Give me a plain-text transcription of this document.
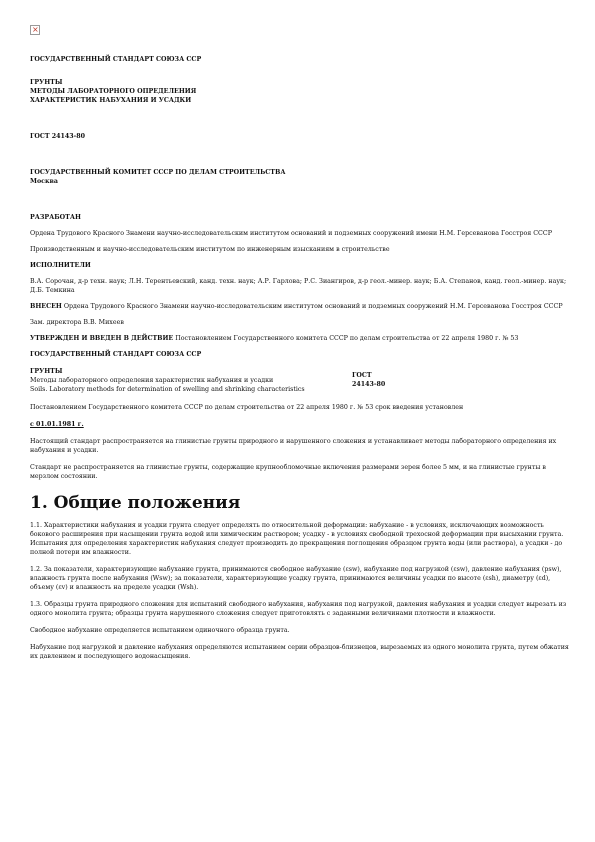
×

ГОСУДАРСТВЕННЫЙ СТАНДАРТ СОЮЗА ССР

ГРУНТЫ

МЕТОДЫ ЛАБОРАТОРНОГО ОПРЕДЕЛЕНИЯ

ХАРАКТЕРИСТИК НАБУХАНИЯ И УСАДКИ

ГОСТ 24143-80

ГОСУДАРСТВЕННЫЙ КОМИТЕТ СССР ПО ДЕЛАМ СТРОИТЕЛЬСТВА

Москва

РАЗРАБОТАН

Ордена Трудового Красного Знамени научно-исследовательским институтом оснований и подземных сооружений имени Н.М. Герсеванова Госстроя СССР

Производственным и научно-исследовательским институтом по инженерным изысканиям в строительстве

ИСПОЛНИТЕЛИ

В.А. Сорочан, д-р техн. наук; Л.Н. Терентьевский, канд. техн. наук; А.Р. Гарлова; Р.С. Зиангиров, д-р геол.-минер. наук; Б.А. Степанов, канд. геол.-минер. наук; Д.Б. Темкина

ВНЕСЕН Ордена Трудового Красного Знамени научно-исследовательским институтом оснований и подземных сооружений Н.М. Герсеванова Госстроя СССР

Зам. директора В.В. Михеев

УТВЕРЖДЕН И ВВЕДЕН В ДЕЙСТВИЕ Постановлением Государственного комитета СССР по делам строительства от 22 апреля 1980 г. № 53

ГОСУДАРСТВЕННЫЙ СТАНДАРТ СОЮЗА ССР

ГРУНТЫ

Методы лабораторного определения характеристик набухания и усадки

Soils. Laboratory methods for determination of swelling and shrinking characteristics

ГОСТ

24143-80

Постановлением Государственного комитета СССР по делам строительства от 22 апреля 1980 г. № 53 срок введения установлен

с 01.01.1981 г.

Настоящий стандарт распространяется на глинистые грунты природного и нарушенного сложения и устанавливает методы лабораторного определения их набухания и усадки.

Стандарт не распространяется на глинистые грунты, содержащие крупнообломочные включения размерами зерен более 5 мм, и на глинистые грунты в мерзлом состоянии.

1. Общие положения

1.1. Характеристики набухания и усадки грунта следует определять по относительной деформации: набухание - в условиях, исключающих возможность бокового расширения при насыщении грунта водой или химическим раствором; усадку - в условиях свободной трехосной деформации при высыхании грунта. Испытания для определения характеристик набухания следует производить до прекращения поглощения образцом грунта воды (или раствора), а усадки - до полной потери им влажности.

1.2. За показатели, характеризующие набухание грунта, принимаются свободное набухание (εsw), набухание под нагрузкой (εsw), давление набухания (psw), влажность грунта после набухания (Wsw); за показатели, характеризующие усадку грунта, принимаются величины усадки по высоте (εsh), диаметру (εd), объему (εv) и влажность на пределе усадки (Wsh).

1.3. Образцы грунта природного сложения для испытаний свободного набухания, набухания под нагрузкой, давления набухания и усадки следует вырезать из одного монолита грунта; образцы грунта нарушенного сложения следует приготовлять с заданными величинами плотности и влажности.

Свободное набухание определяется испытанием одиночного образца грунта.

Набухание под нагрузкой и давление набухания определяются испытанием серии образцов-близнецов, вырезаемых из одного монолита грунта, путем обжатия их давлением и последующего водонасыщения.
